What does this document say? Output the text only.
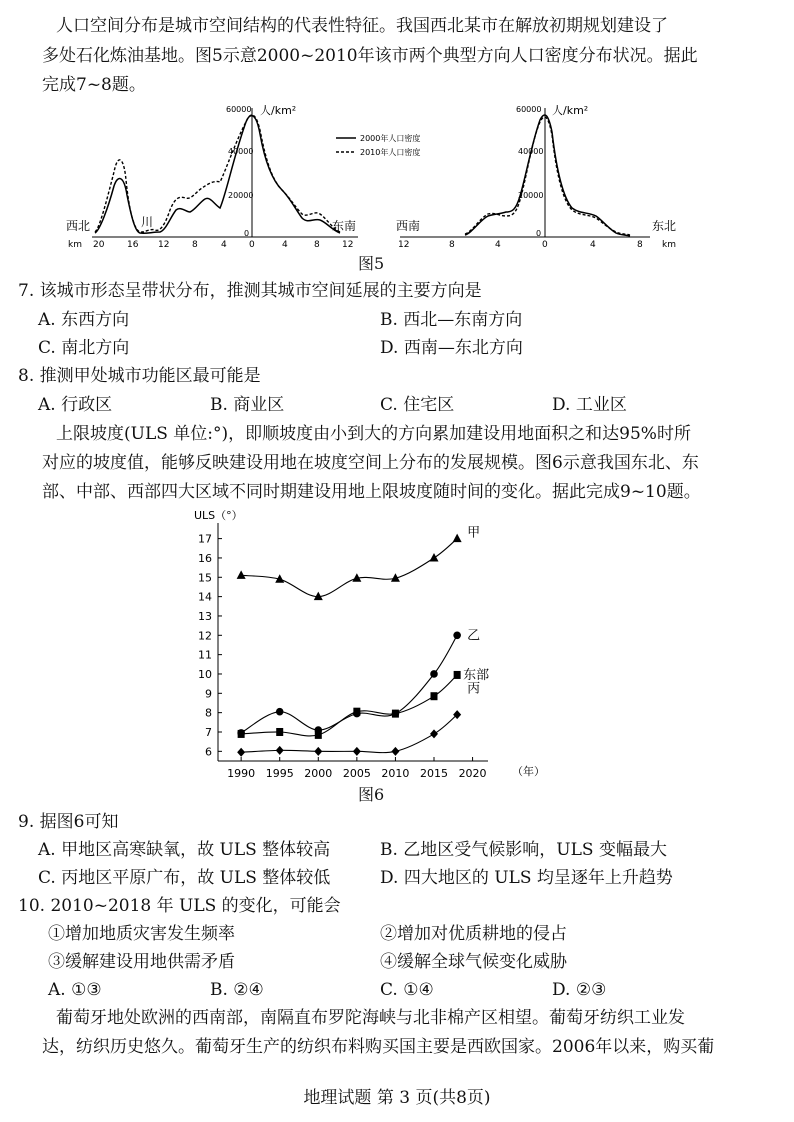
人口空间分布是城市空间结构的代表性特征。我国西北某市在解放初期规划建设了
多处石化炼油基地。图5示意2000~2010年该市两个典型方向人口密度分布状况。据此
完成7~8题。
60000
40000
20000
0
人/km²
西北	东南
川
km 20	16 12	8	4 0	4	8 12
2000年人口密度
2010年人口密度
60000
40000
20000
0
人/km²
西南	东北
12	8	4	0	4	8 km
图5
7. 该城市形态呈带状分布，推测其城市空间延展的主要方向是
A. 东西方向	B. 西北—东南方向
C. 南北方向	D. 西南—东北方向
8. 推测甲处城市功能区最可能是
A. 行政区	B. 商业区	C. 住宅区	D. 工业区
上限坡度(ULS 单位:°)，即顺坡度由小到大的方向累加建设用地面积之和达95%时所
对应的坡度值，能够反映建设用地在坡度空间上分布的发展规模。图6示意我国东北、东
部、中部、西部四大区域不同时期建设用地上限坡度随时间的变化。据此完成9~10题。
6
7
8
9
10
11
12
13
14
15
16
17
1990 1995 2000 2005 2010 2015 2020
ULS（°）
（年）
甲
乙
东部
丙
图6
9. 据图6可知
A. 甲地区高寒缺氧，故 ULS 整体较高	B. 乙地区受气候影响，ULS 变幅最大
C. 丙地区平原广布，故 ULS 整体较低	D. 四大地区的 ULS 均呈逐年上升趋势
10. 2010~2018 年 ULS 的变化，可能会
①增加地质灾害发生频率	②增加对优质耕地的侵占
③缓解建设用地供需矛盾	④缓解全球气候变化威胁
A. ①③	B. ②④	C. ①④	D. ②③
葡萄牙地处欧洲的西南部，南隔直布罗陀海峡与北非棉产区相望。葡萄牙纺织工业发
达，纺织历史悠久。葡萄牙生产的纺织布料购买国主要是西欧国家。2006年以来，购买葡
地理试题 第 3 页(共8页)
